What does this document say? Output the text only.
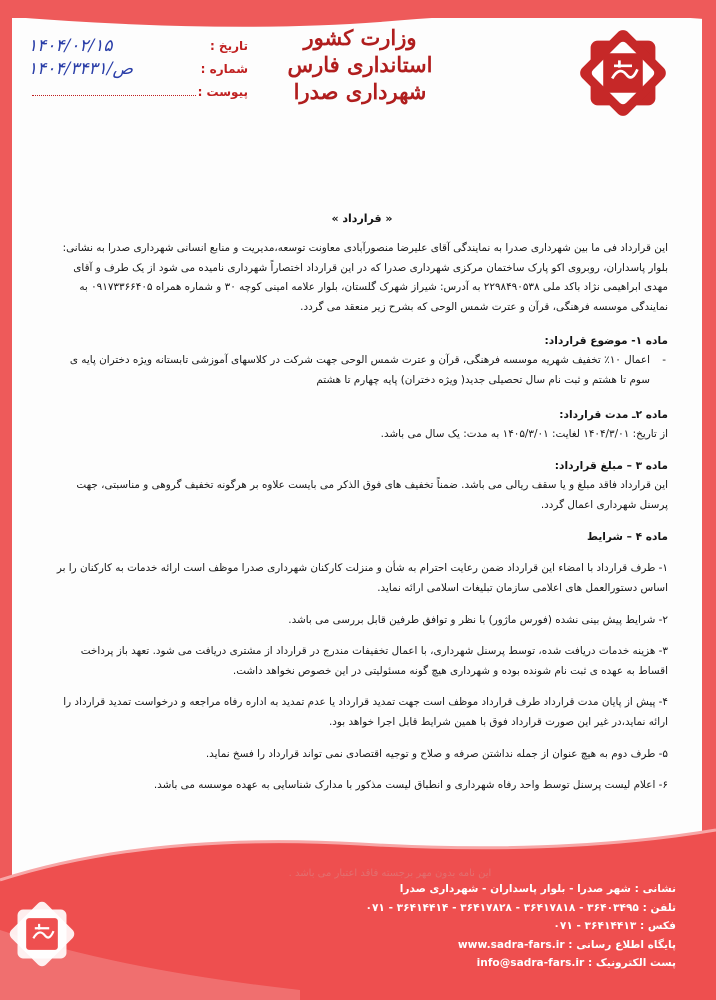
وزارت کشور
استانداری فارس
شهرداری صدرا
تاریخ :
۱۴۰۴/۰۲/۱۵
شماره :
۱۴۰۴/۳۴۳۱/ص
پیوست :

« قرارداد »

این قرارداد فی ما بین شهرداری صدرا به نمایندگی آقای علیرضا منصورآبادی معاونت توسعه،مدیریت و منابع انسانی شهرداری صدرا به نشانی: بلوار پاسداران، روبروی اکو پارک ساختمان مرکزی شهرداری صدرا که در این قرارداد اختصاراً شهرداری نامیده می شود از یک طرف و آقای مهدی ابراهیمی نژاد باکد ملی ۲۲۹۸۴۹۰۵۳۸ به آدرس: شیراز شهرک گلستان، بلوار علامه امینی کوچه ۳۰ و شماره همراه ۰۹۱۷۳۳۶۶۴۰۵ به نمایندگی موسسه فرهنگی، قرآن و عترت شمس الوحی که بشرح زیر منعقد می گردد.

ماده ۱- موضوع قرارداد:

-
اعمال ۱۰٪ تخفیف شهریه موسسه فرهنگی، قرآن و عترت شمس الوحی جهت شرکت در کلاسهای آموزشی تابستانه ویژه دختران پایه ی سوم تا هشتم و ثبت نام سال تحصیلی جدید( ویژه دختران) پایه چهارم تا هشتم

ماده ۲ـ مدت قرارداد:

از تاریخ: ۱۴۰۴/۳/۰۱ لغایت: ۱۴۰۵/۳/۰۱ به مدت: یک سال می باشد.

ماده ۳ – مبلغ قرارداد:

این قرارداد فاقد مبلغ و یا سقف ریالی می باشد. ضمناً تخفیف های فوق الذکر می بایست علاوه بر هرگونه تخفیف گروهی و مناسبتی، جهت پرسنل شهرداری اعمال گردد.

ماده ۴ – شرایط

۱- طرف قرارداد با امضاء این قرارداد ضمن رعایت احترام به شأن و منزلت کارکنان شهرداری صدرا موظف است ارائه خدمات به کارکنان را بر اساس دستورالعمل های اعلامی سازمان تبلیغات اسلامی ارائه نماید.

۲- شرایط پیش بینی نشده (فورس ماژور) با نظر و توافق طرفین قابل بررسی می باشد.

۳- هزینه خدمات دریافت شده، توسط پرسنل شهرداری، با اعمال تخفیفات مندرج در قرارداد از مشتری دریافت می شود. تعهد باز پرداخت اقساط به عهده ی ثبت نام شونده بوده و شهرداری هیچ گونه مسئولیتی در این خصوص نخواهد داشت.

۴- پیش از پایان مدت قرارداد طرف قرارداد موظف است جهت تمدید قرارداد یا عدم تمدید به اداره رفاه مراجعه و درخواست تمدید قرارداد را ارائه نماید،در غیر این صورت قرارداد فوق با همین شرایط قابل اجرا خواهد بود.

۵- طرف دوم به هیچ عنوان از جمله نداشتن صرفه و صلاح و توجیه اقتصادی نمی تواند قرارداد را فسخ نماید.

۶- اعلام لیست پرسنل توسط واحد رفاه شهرداری و انطباق لیست مذکور با مدارک شناسایی به عهده موسسه می باشد.

این نامه بدون مهر برجسته فاقد اعتبار می باشد .
نشانی : شهر صدرا - بلوار پاسداران - شهرداری صدرا
تلفن : ۰۷۱ - ۳۶۴۱۴۴۱۴ - ۳۶۴۱۷۸۲۸ - ۳۶۴۱۷۸۱۸ - ۳۶۴۰۳۴۹۵
فکس : ۰۷۱ - ۳۶۴۱۴۴۱۳
پایگاه اطلاع رسانی : www.sadra-fars.ir
پست الکترونیک : info@sadra-fars.ir
